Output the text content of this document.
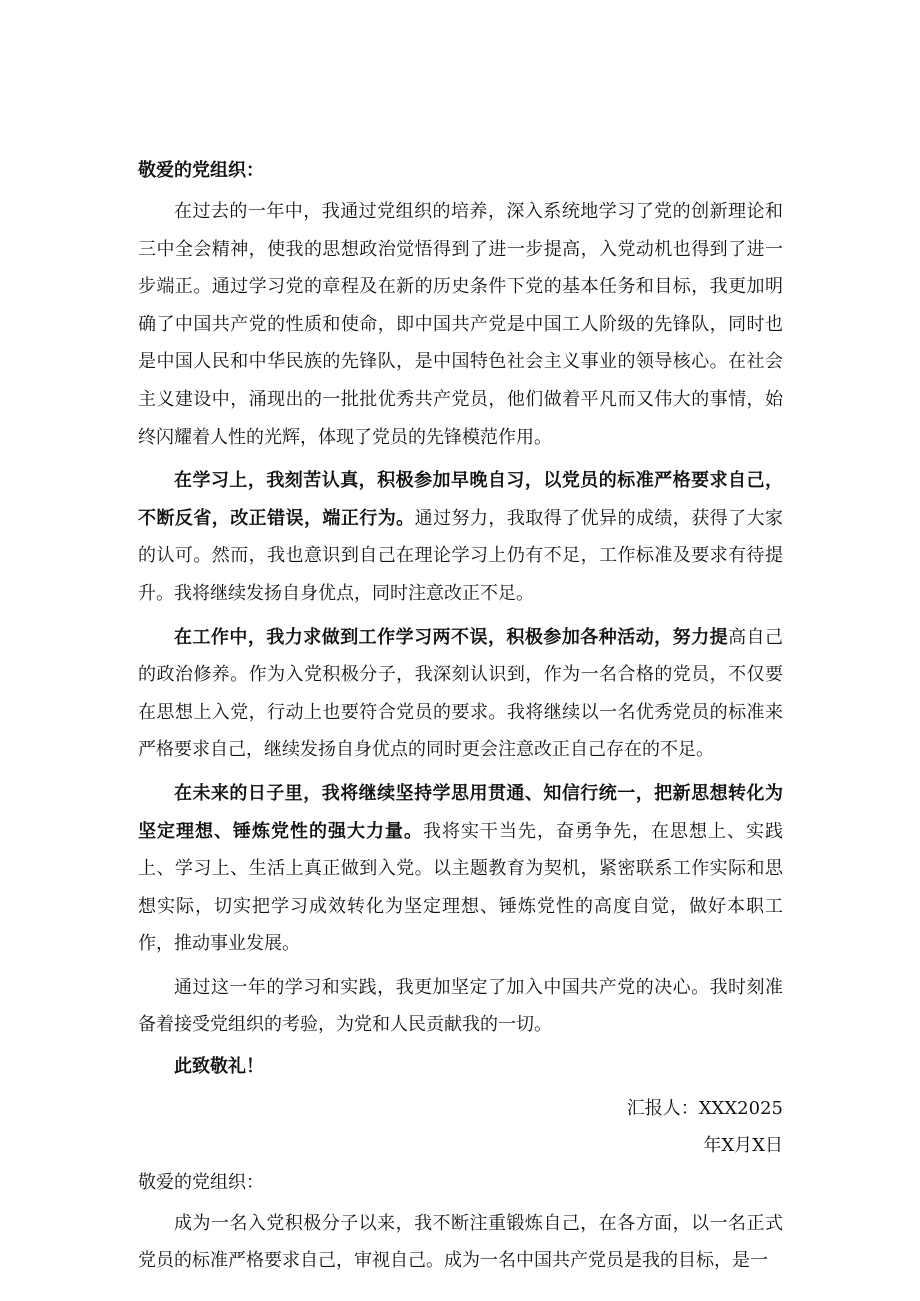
敬爱的党组织：

在过去的一年中，我通过党组织的培养，深入系统地学习了党的创新理论和三中全会精神，使我的思想政治觉悟得到了进一步提高，入党动机也得到了进一步端正。通过学习党的章程及在新的历史条件下党的基本任务和目标，我更加明确了中国共产党的性质和使命，即中国共产党是中国工人阶级的先锋队，同时也是中国人民和中华民族的先锋队，是中国特色社会主义事业的领导核心。在社会主义建设中，涌现出的一批批优秀共产党员，他们做着平凡而又伟大的事情，始终闪耀着人性的光辉，体现了党员的先锋模范作用。

在学习上，我刻苦认真，积极参加早晚自习，以党员的标准严格要求自己，不断反省，改正错误，端正行为。通过努力，我取得了优异的成绩，获得了大家的认可。然而，我也意识到自己在理论学习上仍有不足，工作标准及要求有待提升。我将继续发扬自身优点，同时注意改正不足。

在工作中，我力求做到工作学习两不误，积极参加各种活动，努力提高自己的政治修养。作为入党积极分子，我深刻认识到，作为一名合格的党员，不仅要在思想上入党，行动上也要符合党员的要求。我将继续以一名优秀党员的标准来严格要求自己，继续发扬自身优点的同时更会注意改正自己存在的不足。

在未来的日子里，我将继续坚持学思用贯通、知信行统一，把新思想转化为坚定理想、锤炼党性的强大力量。我将实干当先，奋勇争先，在思想上、实践上、学习上、生活上真正做到入党。以主题教育为契机，紧密联系工作实际和思想实际，切实把学习成效转化为坚定理想、锤炼党性的高度自觉，做好本职工作，推动事业发展。

通过这一年的学习和实践，我更加坚定了加入中国共产党的决心。我时刻准备着接受党组织的考验，为党和人民贡献我的一切。

此致敬礼！

汇报人：XXX2025

年X月X日

敬爱的党组织：

成为一名入党积极分子以来，我不断注重锻炼自己，在各方面，以一名正式党员的标准严格要求自己，审视自己。成为一名中国共产党员是我的目标，是一
